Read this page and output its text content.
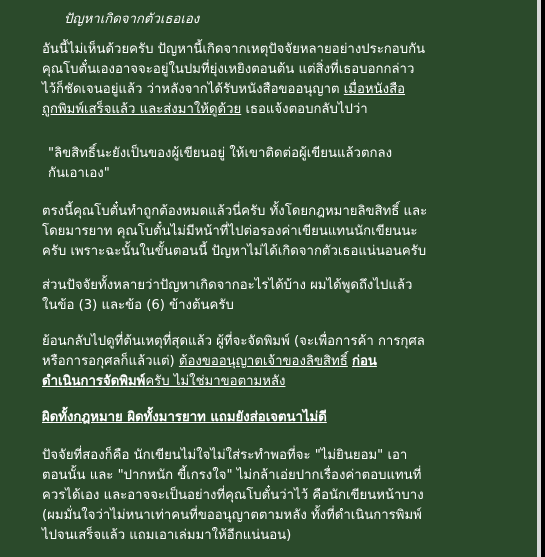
ปัญหาเกิดจากตัวเธอเอง
อันนี้ไม่เห็นด้วยครับ ปัญหานี้เกิดจากเหตุปัจจัยหลายอย่างประกอบกัน
คุณโบตั๋นเองอาจจะอยู่ในปมที่ยุ่งเหยิงตอนต้น แต่สิ่งที่เธอบอกกล่าว
ไว้ก็ชัดเจนอยู่แล้ว ว่าหลังจากได้รับหนังสือขออนุญาต เมื่อหนังสือ
ถูกพิมพ์เสร็จแล้ว และส่งมาให้ดูด้วย เธอแจ้งตอบกลับไปว่า
"ลิขสิทธิ์นะยังเป็นของผู้เขียนอยู่ ให้เขาติดต่อผู้เขียนแล้วตกลง
กันเอาเอง"
ตรงนี้คุณโบตั๋นทำถูกต้องหมดแล้วนี่ครับ ทั้งโดยกฎหมายลิขสิทธิ์ และ
โดยมารยาท คุณโบตั๋นไม่มีหน้าที่ไปต่อรองค่าเขียนแทนนักเขียนนะ
ครับ เพราะฉะนั้นในขั้นตอนนี้ ปัญหาไม่ได้เกิดจากตัวเธอแน่นอนครับ
ส่วนปัจจัยทั้งหลายว่าปัญหาเกิดจากอะไรได้บ้าง ผมได้พูดถึงไปแล้ว
ในข้อ (3) และข้อ (6) ข้างต้นครับ
ย้อนกลับไปดูที่ต้นเหตุที่สุดแล้ว ผู้ที่จะจัดพิมพ์ (จะเพื่อการค้า การกุศล
หรือการอกุศลก็แล้วแต่) ต้องขออนุญาตเจ้าของลิขสิทธิ์ ก่อน
ดำเนินการจัดพิมพ์ครับ ไม่ใช่มาขอตามหลัง
ผิดทั้งกฎหมาย ผิดทั้งมารยาท แถมยังส่อเจตนาไม่ดี
ปัจจัยที่สองก็คือ นักเขียนไม่ใจไม่ใส่ระทำพอที่จะ "ไม่ยินยอม" เอา
ตอนนั้น และ "ปากหนัก ขี้เกรงใจ" ไม่กล้าเอ่ยปากเรื่องค่าตอบแทนที่
ควรได้เอง และอาจจะเป็นอย่างที่คุณโบตั๋นว่าไว้ คือนักเขียนหน้าบาง
(ผมมั่นใจว่าไม่หนาเท่าคนที่ขออนุญาตตามหลัง ทั้งที่ดำเนินการพิมพ์
ไปจนเสร็จแล้ว แถมเอาเล่มมาให้อีกแน่นอน)
